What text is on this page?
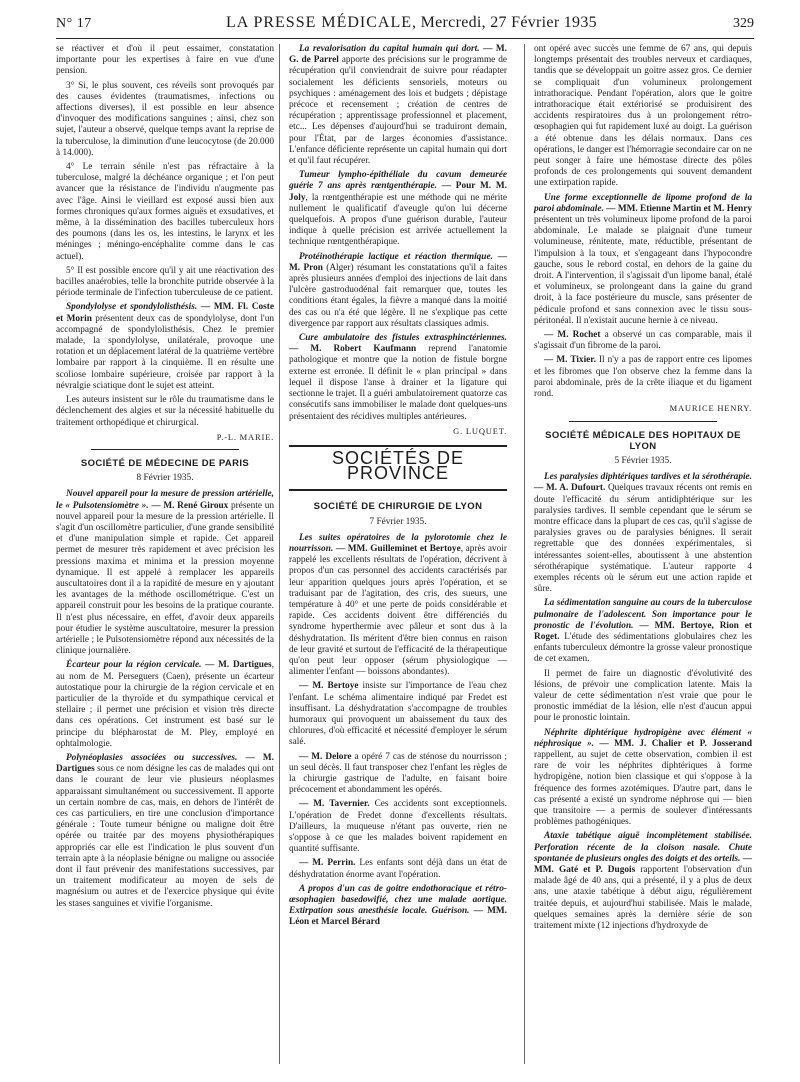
N° 17	LA PRESSE MÉDICALE, Mercredi, 27 Février 1935	329

se réactiver et d'où il peut essaimer, constatation importante pour les expertises à faire en vue d'une pension.

3° Si, le plus souvent, ces réveils sont provoqués par des causes évidentes (traumatismes, infections ou affections diverses), il est possible en leur absence d'invoquer des modifications sanguines ; ainsi, chez son sujet, l'auteur a observé, quelque temps avant la reprise de la tuberculose, la diminution d'une leucocytose (de 20.000 à 14.000).

4° Le terrain sénile n'est pas réfractaire à la tuberculose, malgré la déchéance organique ; et l'on peut avancer que la résistance de l'individu n'augmente pas avec l'âge. Ainsi le vieillard est exposé aussi bien aux formes chroniques qu'aux formes aiguës et exsudatives, et même, à la dissémination des bacilles tuberculeux hors des poumons (dans les os, les intestins, le larynx et les méninges ; méningo-encéphalite comme dans le cas actuel).

5° Il est possible encore qu'il y ait une réactivation des bacilles anaérobies, telle la bronchite putride observée à la période terminale de l'infection tuberculeuse de ce patient.

Spondylolyse et spondylolisthésis. — MM. Fl. Coste et Morin présentent deux cas de spondylolyse, dont l'un accompagné de spondylolisthésis. Chez le premier malade, la spondylolyse, unilatérale, provoque une rotation et un déplacement latéral de la quatrième vertèbre lombaire par rapport à la cinquième. Il en résulte une scoliose lombaire supérieure, croisée par rapport à la névralgie sciatique dont le sujet est atteint.

Les auteurs insistent sur le rôle du traumatisme dans le déclenchement des algies et sur la nécessité habituelle du traitement orthopédique et chirurgical.

P.-L. MARIE.
SOCIÉTÉ DE MÉDECINE DE PARIS
8 Février 1935.

Nouvel appareil pour la mesure de pression artérielle, le « Pulsotensiomètre ». — M. René Giroux présente un nouvel appareil pour la mesure de la pression artérielle. Il s'agit d'un oscillomètre particulier, d'une grande sensibilité et d'une manipulation simple et rapide. Cet appareil permet de mesurer très rapidement et avec précision les pressions maxima et minima et la pression moyenne dynamique. Il est appelé à remplacer les appareils auscultatoires dont il a la rapidité de mesure en y ajoutant les avantages de la méthode oscillométrique. C'est un appareil construit pour les besoins de la pratique courante. Il n'est plus nécessaire, en effet, d'avoir deux appareils pour étudier le système auscultatoire, mesurer la pression artérielle ; le Pulsotensiomètre répond aux nécessités de la clinique journalière.

Écarteur pour la région cervicale. — M. Dartigues, au nom de M. Perseguers (Caen), présente un écarteur autostatique pour la chirurgie de la région cervicale et en particulier de la thyroïde et du sympathique cervical et stellaire ; il permet une précision et vision très directe dans ces opérations. Cet instrument est basé sur le principe du blépharostat de M. Pley, employé en ophtalmologie.

Polynéoplasies associées ou successives. — M. Dartigues sous ce nom désigne les cas de malades qui ont dans le courant de leur vie plusieurs néoplasmes apparaissant simultanément ou successivement. Il apporte un certain nombre de cas, mais, en dehors de l'intérêt de ces cas particuliers, en tire une conclusion d'importance générale : Toute tumeur bénigne ou maligne doit être opérée ou traitée par des moyens physiothérapiques appropriés car elle est l'indication le plus souvent d'un terrain apte à la néoplasie bénigne ou maligne ou associée dont il faut prévenir des manifestations successives, par un traitement modificateur au moyen de sels de magnésium ou autres et de l'exercice physique qui évite les stases sanguines et vivifie l'organisme.

La revalorisation du capital humain qui dort. — M. G. de Parrel apporte des précisions sur le programme de récupération qu'il conviendrait de suivre pour réadapter socialement les déficients sensoriels, moteurs ou psychiques : aménagement des lois et budgets ; dépistage précoce et recensement ; création de centres de récupération ; apprentissage professionnel et placement, etc... Les dépenses d'aujourd'hui se traduiront demain, pour l'État, par de larges économies d'assistance. L'enfance déficiente représente un capital humain qui dort et qu'il faut récupérer.

Tumeur lympho-épithéliale du cavum demeurée guérie 7 ans après rœntgenthérapie. — Pour M. M. Joly, la rœntgenthérapie est une méthode qui ne mérite nullement le qualificatif d'aveugle qu'on lui décerne quelquefois. A propos d'une guérison durable, l'auteur indique à quelle précision est arrivée actuellement la technique rœntgenthérapique.

Protéinothérapie lactique et réaction thermique. — M. Pron (Alger) résumant les constatations qu'il a faites après plusieurs années d'emploi des injections de lait dans l'ulcère gastroduodénal fait remarquer que, toutes les conditions étant égales, la fièvre a manqué dans la moitié des cas ou n'a été que légère. Il ne s'explique pas cette divergence par rapport aux résultats classiques admis.

Cure ambulatoire des fistules extrasphinctériennes. — M. Robert Kaufmann reprend l'anatomie pathologique et montre que la notion de fistule borgne externe est erronée. Il définit le « plan principal » dans lequel il dispose l'anse à drainer et la ligature qui sectionne le trajet. Il a guéri ambulatoirement quatorze cas consécutifs sans immobiliser le malade dont quelques-uns présentaient des récidives multiples antérieures.

G. LUQUET.
SOCIÉTÉS DE PROVINCE
SOCIÉTÉ DE CHIRURGIE DE LYON
7 Février 1935.

Les suites opératoires de la pylorotomie chez le nourrisson. — MM. Guilleminet et Bertoye, après avoir rappelé les excellents résultats de l'opération, décrivent à propos d'un cas personnel des accidents caractérisés par leur apparition quelques jours après l'opération, et se traduisant par de l'agitation, des cris, des sueurs, une température à 40° et une perte de poids considérable et rapide. Ces accidents doivent être différenciés du syndrome hyperthermie avec pâleur et sont dus à la déshydratation. Ils méritent d'être bien connus en raison de leur gravité et surtout de l'efficacité de la thérapeutique qu'on peut leur opposer (sérum physiologique — alimenter l'enfant — boissons abondantes).

— M. Bertoye insiste sur l'importance de l'eau chez l'enfant. Le schéma alimentaire indiqué par Fredet est insuffisant. La déshydratation s'accompagne de troubles humoraux qui provoquent un abaissement du taux des chlorures, d'où efficacité et nécessité d'employer le sérum salé.

— M. Delore a opéré 7 cas de sténose du nourrisson ; un seul décès. Il faut transposer chez l'enfant les règles de la chirurgie gastrique de l'adulte, en faisant boire précocement et abondamment les opérés.

— M. Tavernier. Ces accidents sont exceptionnels. L'opération de Fredet donne d'excellents résultats. D'ailleurs, la muqueuse n'étant pas ouverte, rien ne s'oppose à ce que les malades boivent rapidement en quantité suffisante.

— M. Perrin. Les enfants sont déjà dans un état de déshydratation énorme avant l'opération.

A propos d'un cas de goitre endothoracique et rétro-œsophagien basedowifié, chez une malade aortique. Extirpation sous anesthésie locale. Guérison. — MM. Léon et Marcel Bérard

ont opéré avec succès une femme de 67 ans, qui depuis longtemps présentait des troubles nerveux et cardiaques, tandis que se développait un goitre assez gros. Ce dernier se compliquait d'un volumineux prolongement intrathoracique. Pendant l'opération, alors que le goitre intrathoracique était extériorisé se produisirent des accidents respiratoires dus à un prolongement rétro-œsophagien qui fut rapidement luxé au doigt. La guérison a été obtenue dans les délais normaux. Dans ces opérations, le danger est l'hémorragie secondaire car on ne peut songer à faire une hémostase directe des pôles profonds de ces prolongements qui souvent demandent une extirpation rapide.

Une forme exceptionnelle de lipome profond de la paroi abdominale. — MM. Etienne Martin et M. Henry présentent un très volumineux lipome profond de la paroi abdominale. Le malade se plaignait d'une tumeur volumineuse, rénitente, mate, réductible, présentant de l'impulsion à la toux, et s'engageant dans l'hypocondre gauche, sous le rebord costal, en dehors de la gaine du droit. A l'intervention, il s'agissait d'un lipome banal, étalé et volumineux, se prolongeant dans la gaine du grand droit, à la face postérieure du muscle, sans présenter de pédicule profond et sans connexion avec le tissu sous-péritonéal. Il n'existait aucune hernie à ce niveau.

— M. Rochet a observé un cas comparable, mais il s'agissait d'un fibrome de la paroi.

— M. Tixier. Il n'y a pas de rapport entre ces lipomes et les fibromes que l'on observe chez la femme dans la paroi abdominale, près de la crête iliaque et du ligament rond.

MAURICE HENRY.
SOCIÉTÉ MÉDICALE DES HOPITAUX DE LYON
5 Février 1935.

Les paralysies diphtériques tardives et la sérothérapie. — M. A. Dufourt. Quelques travaux récents ont remis en doute l'efficacité du sérum antidiphtérique sur les paralysies tardives. Il semble cependant que le sérum se montre efficace dans la plupart de ces cas, qu'il s'agisse de paralysies graves ou de paralysies bénignes. Il serait regrettable que des données expérimentales, si intéressantes soient-elles, aboutissent à une abstention sérothérapique systématique. L'auteur rapporte 4 exemples récents où le sérum eut une action rapide et sûre.

La sédimentation sanguine au cours de la tuberculose pulmonaire de l'adolescent. Son importance pour le pronostic de l'évolution. — MM. Bertoye, Rion et Roget. L'étude des sédimentations globulaires chez les enfants tuberculeux démontre la grosse valeur pronostique de cet examen.

Il permet de faire un diagnostic d'évolutivité des lésions, de prévoir une complication latente. Mais la valeur de cette sédimentation n'est vraie que pour le pronostic immédiat de la lésion, elle n'est d'aucun appui pour le pronostic lointain.

Néphrite diphtérique hydropigène avec élément « néphrosique ». — MM. J. Chalier et P. Josserand rappellent, au sujet de cette observation, combien il est rare de voir les néphrites diphtériques à forme hydropigène, notion bien classique et qui s'oppose à la fréquence des formes azotémiques. D'autre part, dans le cas présenté a existé un syndrome néphrose qui — bien que transitoire — a permis de soulever d'intéressants problèmes pathogéniques.

Ataxie tabétique aiguë incomplètement stabilisée. Perforation récente de la cloison nasale. Chute spontanée de plusieurs ongles des doigts et des orteils. — MM. Gaté et P. Dugois rapportent l'observation d'un malade âgé de 40 ans, qui a présenté, il y a plus de deux ans, une ataxie tabétique à début aigu, régulièrement traitée depuis, et aujourd'hui stabilisée. Mais le malade, quelques semaines après la dernière série de son traitement mixte (12 injections d'hydroxyde de
